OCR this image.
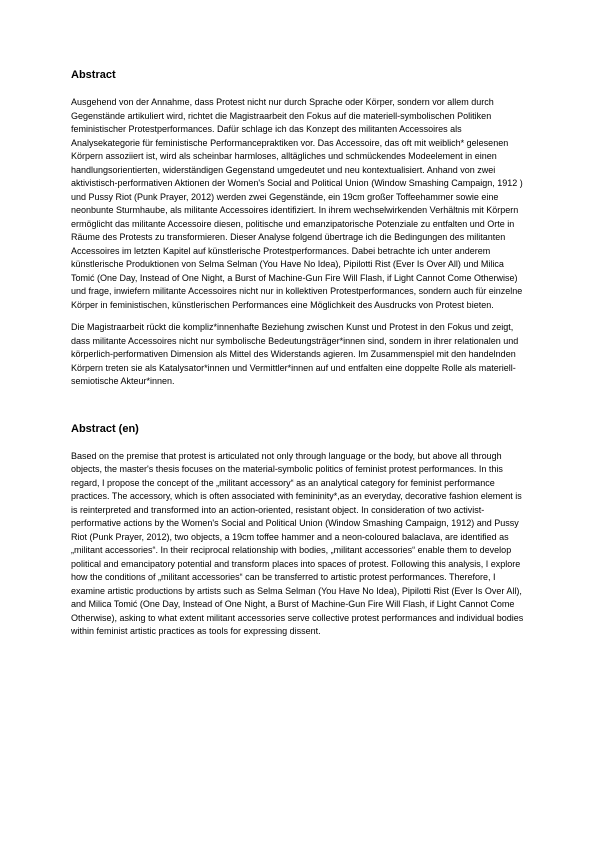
Abstract

Ausgehend von der Annahme, dass Protest nicht nur durch Sprache oder Körper, sondern vor allem durch Gegenstände artikuliert wird, richtet die Magistraarbeit den Fokus auf die materiell-symbolischen Politiken feministischer Protestperformances. Dafür schlage ich das Konzept des militanten Accessoires als Analysekategorie für feministische Performancepraktiken vor. Das Accessoire, das oft mit weiblich* gelesenen Körpern assoziiert ist, wird als scheinbar harmloses, alltägliches und schmückendes Modeelement in einen handlungsorientierten, widerständigen Gegenstand umgedeutet und neu kontextualisiert. Anhand von zwei aktivistisch-performativen Aktionen der Women's Social and Political Union (Window Smashing Campaign, 1912 ) und Pussy Riot (Punk Prayer, 2012) werden zwei Gegenstände, ein 19cm großer Toffeehammer sowie eine neonbunte Sturmhaube, als militante Accessoires identifiziert. In ihrem wechselwirkenden Verhältnis mit Körpern ermöglicht das militante Accessoire diesen, politische und emanzipatorische Potenziale zu entfalten und Orte in Räume des Protests zu transformieren. Dieser Analyse folgend übertrage ich die Bedingungen des militanten Accessoires im letzten Kapitel auf künstlerische Protestperformances. Dabei betrachte ich unter anderem künstlerische Produktionen von Selma Selman (You Have No Idea), Pipilotti Rist (Ever Is Over All) und Milica Tomić (One Day, Instead of One Night, a Burst of Machine-Gun Fire Will Flash, if Light Cannot Come Otherwise) und frage, inwiefern militante Accessoires nicht nur in kollektiven Protestperformances, sondern auch für einzelne Körper in feministischen, künstlerischen Performances eine Möglichkeit des Ausdrucks von Protest bieten.

Die Magistraarbeit rückt die kompliz*innenhafte Beziehung zwischen Kunst und Protest in den Fokus und zeigt, dass militante Accessoires nicht nur symbolische Bedeutungsträger*innen sind, sondern in ihrer relationalen und körperlich-performativen Dimension als Mittel des Widerstands agieren. Im Zusammenspiel mit den handelnden Körpern treten sie als Katalysator*innen und Vermittler*innen auf und entfalten eine doppelte Rolle als materiell-semiotische Akteur*innen.

Abstract (en)

Based on the premise that protest is articulated not only through language or the body, but above all through objects, the master's thesis focuses on the material-symbolic politics of feminist protest performances. In this regard, I propose the concept of the „militant accessory“ as an analytical category for feminist performance practices. The accessory, which is often associated with femininity*,as an everyday, decorative fashion element is is reinterpreted and transformed into an action-oriented, resistant object. In consideration of two activist-performative actions by the Women's Social and Political Union (Window Smashing Campaign, 1912) and Pussy Riot (Punk Prayer, 2012), two objects, a 19cm toffee hammer and a neon-coloured balaclava, are identified as „militant accessories“. In their reciprocal relationship with bodies, „militant accessories“ enable them to develop political and emancipatory potential and transform places into spaces of protest. Following this analysis, I explore how the conditions of „militant accessories“ can be transferred to artistic protest performances. Therefore, I examine artistic productions by artists such as Selma Selman (You Have No Idea), Pipilotti Rist (Ever Is Over All), and Milica Tomić (One Day, Instead of One Night, a Burst of Machine-Gun Fire Will Flash, if Light Cannot Come Otherwise), asking to what extent militant accessories serve collective protest performances and individual bodies within feminist artistic practices as tools for expressing dissent.
